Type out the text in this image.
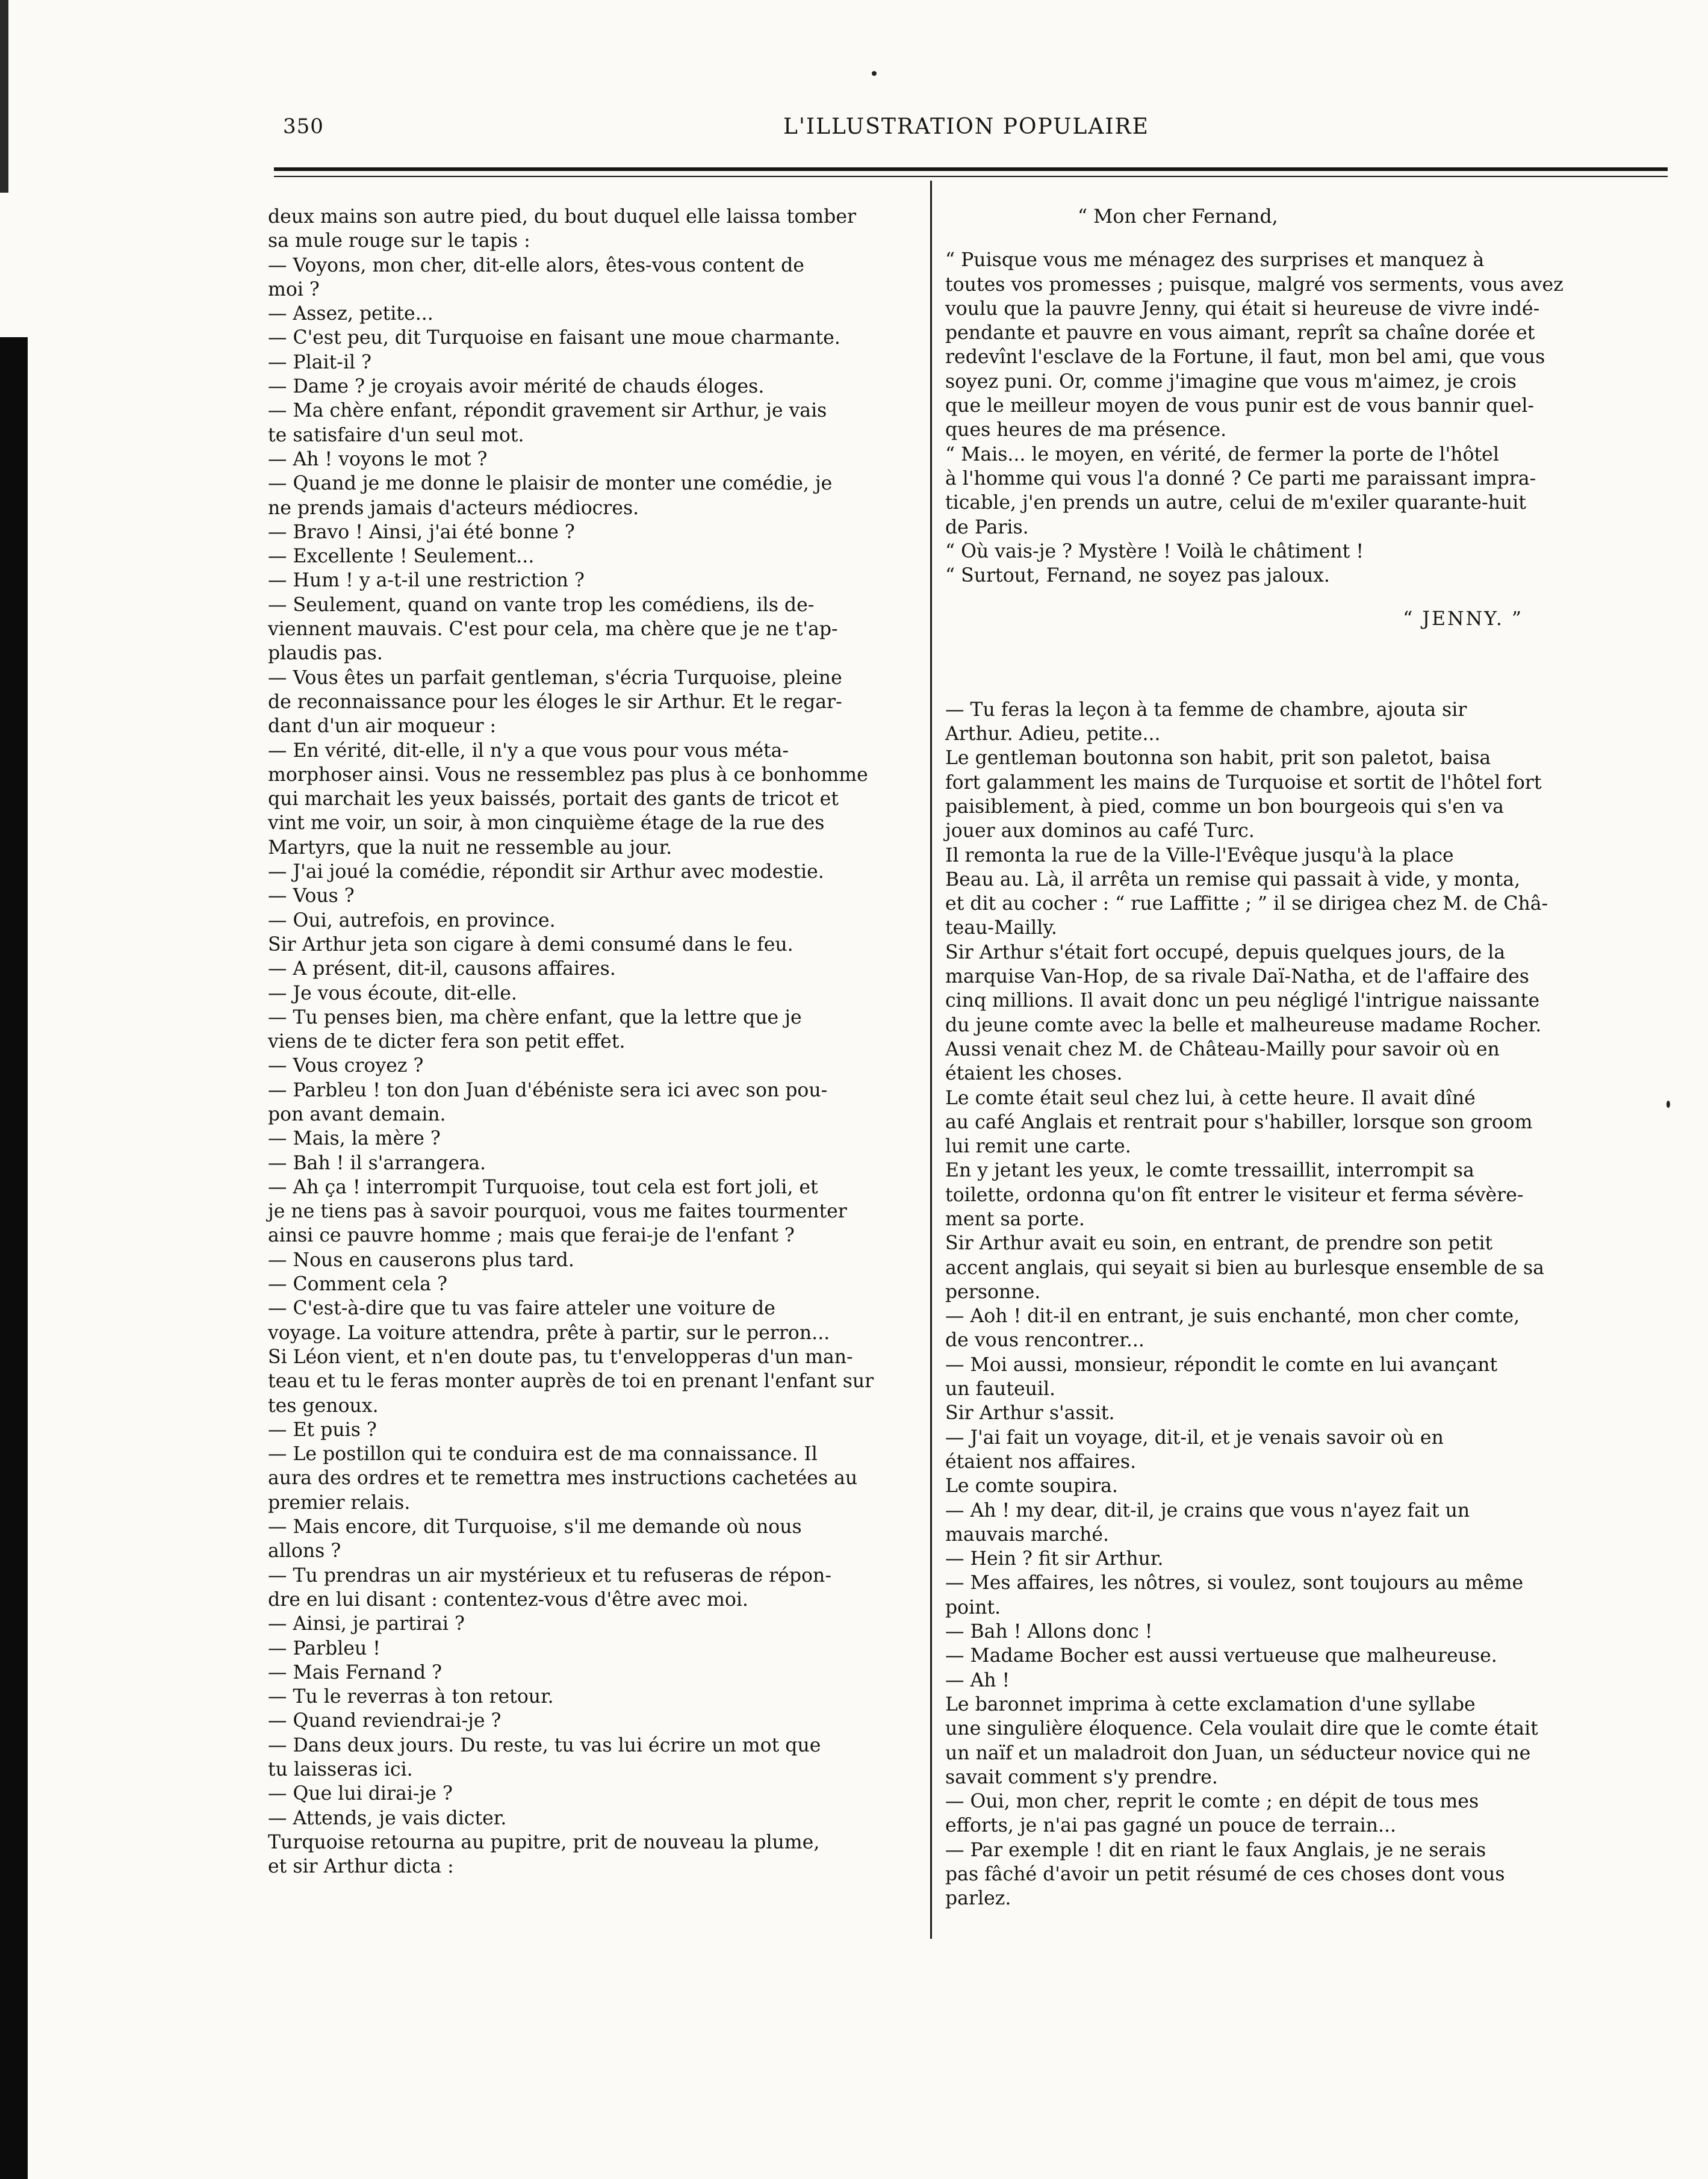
350	L'ILLUSTRATION POPULAIRE
deux mains son autre pied, du bout duquel elle laissa tomber
sa mule rouge sur le tapis :
— Voyons, mon cher, dit-elle alors, êtes-vous content de
moi ?
— Assez, petite...
— C'est peu, dit Turquoise en faisant une moue charmante.
— Plait-il ?
— Dame ? je croyais avoir mérité de chauds éloges.
— Ma chère enfant, répondit gravement sir Arthur, je vais
te satisfaire d'un seul mot.
— Ah ! voyons le mot ?
— Quand je me donne le plaisir de monter une comédie, je
ne prends jamais d'acteurs médiocres.
— Bravo ! Ainsi, j'ai été bonne ?
— Excellente ! Seulement...
— Hum ! y a-t-il une restriction ?
— Seulement, quand on vante trop les comédiens, ils de-
viennent mauvais. C'est pour cela, ma chère que je ne t'ap-
plaudis pas.
— Vous êtes un parfait gentleman, s'écria Turquoise, pleine
de reconnaissance pour les éloges le sir Arthur. Et le regar-
dant d'un air moqueur :
— En vérité, dit-elle, il n'y a que vous pour vous méta-
morphoser ainsi. Vous ne ressemblez pas plus à ce bonhomme
qui marchait les yeux baissés, portait des gants de tricot et
vint me voir, un soir, à mon cinquième étage de la rue des
Martyrs, que la nuit ne ressemble au jour.
— J'ai joué la comédie, répondit sir Arthur avec modestie.
— Vous ?
— Oui, autrefois, en province.
Sir Arthur jeta son cigare à demi consumé dans le feu.
— A présent, dit-il, causons affaires.
— Je vous écoute, dit-elle.
— Tu penses bien, ma chère enfant, que la lettre que je
viens de te dicter fera son petit effet.
— Vous croyez ?
— Parbleu ! ton don Juan d'ébéniste sera ici avec son pou-
pon avant demain.
— Mais, la mère ?
— Bah ! il s'arrangera.
— Ah ça ! interrompit Turquoise, tout cela est fort joli, et
je ne tiens pas à savoir pourquoi, vous me faites tourmenter
ainsi ce pauvre homme ; mais que ferai-je de l'enfant ?
— Nous en causerons plus tard.
— Comment cela ?
— C'est-à-dire que tu vas faire atteler une voiture de
voyage. La voiture attendra, prête à partir, sur le perron...
Si Léon vient, et n'en doute pas, tu t'envelopperas d'un man-
teau et tu le feras monter auprès de toi en prenant l'enfant sur
tes genoux.
— Et puis ?
— Le postillon qui te conduira est de ma connaissance. Il
aura des ordres et te remettra mes instructions cachetées au
premier relais.
— Mais encore, dit Turquoise, s'il me demande où nous
allons ?
— Tu prendras un air mystérieux et tu refuseras de répon-
dre en lui disant : contentez-vous d'être avec moi.
— Ainsi, je partirai ?
— Parbleu !
— Mais Fernand ?
— Tu le reverras à ton retour.
— Quand reviendrai-je ?
— Dans deux jours. Du reste, tu vas lui écrire un mot que
tu laisseras ici.
— Que lui dirai-je ?
— Attends, je vais dicter.
Turquoise retourna au pupitre, prit de nouveau la plume,
et sir Arthur dicta :
“ Mon cher Fernand,
“ Puisque vous me ménagez des surprises et manquez à
toutes vos promesses ; puisque, malgré vos serments, vous avez
voulu que la pauvre Jenny, qui était si heureuse de vivre indé-
pendante et pauvre en vous aimant, reprît sa chaîne dorée et
redevînt l'esclave de la Fortune, il faut, mon bel ami, que vous
soyez puni. Or, comme j'imagine que vous m'aimez, je crois
que le meilleur moyen de vous punir est de vous bannir quel-
ques heures de ma présence.
“ Mais... le moyen, en vérité, de fermer la porte de l'hôtel
à l'homme qui vous l'a donné ? Ce parti me paraissant impra-
ticable, j'en prends un autre, celui de m'exiler quarante-huit
de Paris.
“ Où vais-je ? Mystère ! Voilà le châtiment !
“ Surtout, Fernand, ne soyez pas jaloux.
“ JENNY. ”
— Tu feras la leçon à ta femme de chambre, ajouta sir
Arthur. Adieu, petite...
Le gentleman boutonna son habit, prit son paletot, baisa
fort galamment les mains de Turquoise et sortit de l'hôtel fort
paisiblement, à pied, comme un bon bourgeois qui s'en va
jouer aux dominos au café Turc.
Il remonta la rue de la Ville-l'Evêque jusqu'à la place
Beau au. Là, il arrêta un remise qui passait à vide, y monta,
et dit au cocher : “ rue Laffitte ; ” il se dirigea chez M. de Châ-
teau-Mailly.
Sir Arthur s'était fort occupé, depuis quelques jours, de la
marquise Van-Hop, de sa rivale Daï-Natha, et de l'affaire des
cinq millions. Il avait donc un peu négligé l'intrigue naissante
du jeune comte avec la belle et malheureuse madame Rocher.
Aussi venait chez M. de Château-Mailly pour savoir où en
étaient les choses.
Le comte était seul chez lui, à cette heure. Il avait dîné
au café Anglais et rentrait pour s'habiller, lorsque son groom
lui remit une carte.
En y jetant les yeux, le comte tressaillit, interrompit sa
toilette, ordonna qu'on fît entrer le visiteur et ferma sévère-
ment sa porte.
Sir Arthur avait eu soin, en entrant, de prendre son petit
accent anglais, qui seyait si bien au burlesque ensemble de sa
personne.
— Aoh ! dit-il en entrant, je suis enchanté, mon cher comte,
de vous rencontrer...
— Moi aussi, monsieur, répondit le comte en lui avançant
un fauteuil.
Sir Arthur s'assit.
— J'ai fait un voyage, dit-il, et je venais savoir où en
étaient nos affaires.
Le comte soupira.
— Ah ! my dear, dit-il, je crains que vous n'ayez fait un
mauvais marché.
— Hein ? fit sir Arthur.
— Mes affaires, les nôtres, si voulez, sont toujours au même
point.
— Bah ! Allons donc !
— Madame Bocher est aussi vertueuse que malheureuse.
— Ah !
Le baronnet imprima à cette exclamation d'une syllabe
une singulière éloquence. Cela voulait dire que le comte était
un naïf et un maladroit don Juan, un séducteur novice qui ne
savait comment s'y prendre.
— Oui, mon cher, reprit le comte ; en dépit de tous mes
efforts, je n'ai pas gagné un pouce de terrain...
— Par exemple ! dit en riant le faux Anglais, je ne serais
pas fâché d'avoir un petit résumé de ces choses dont vous
parlez.
